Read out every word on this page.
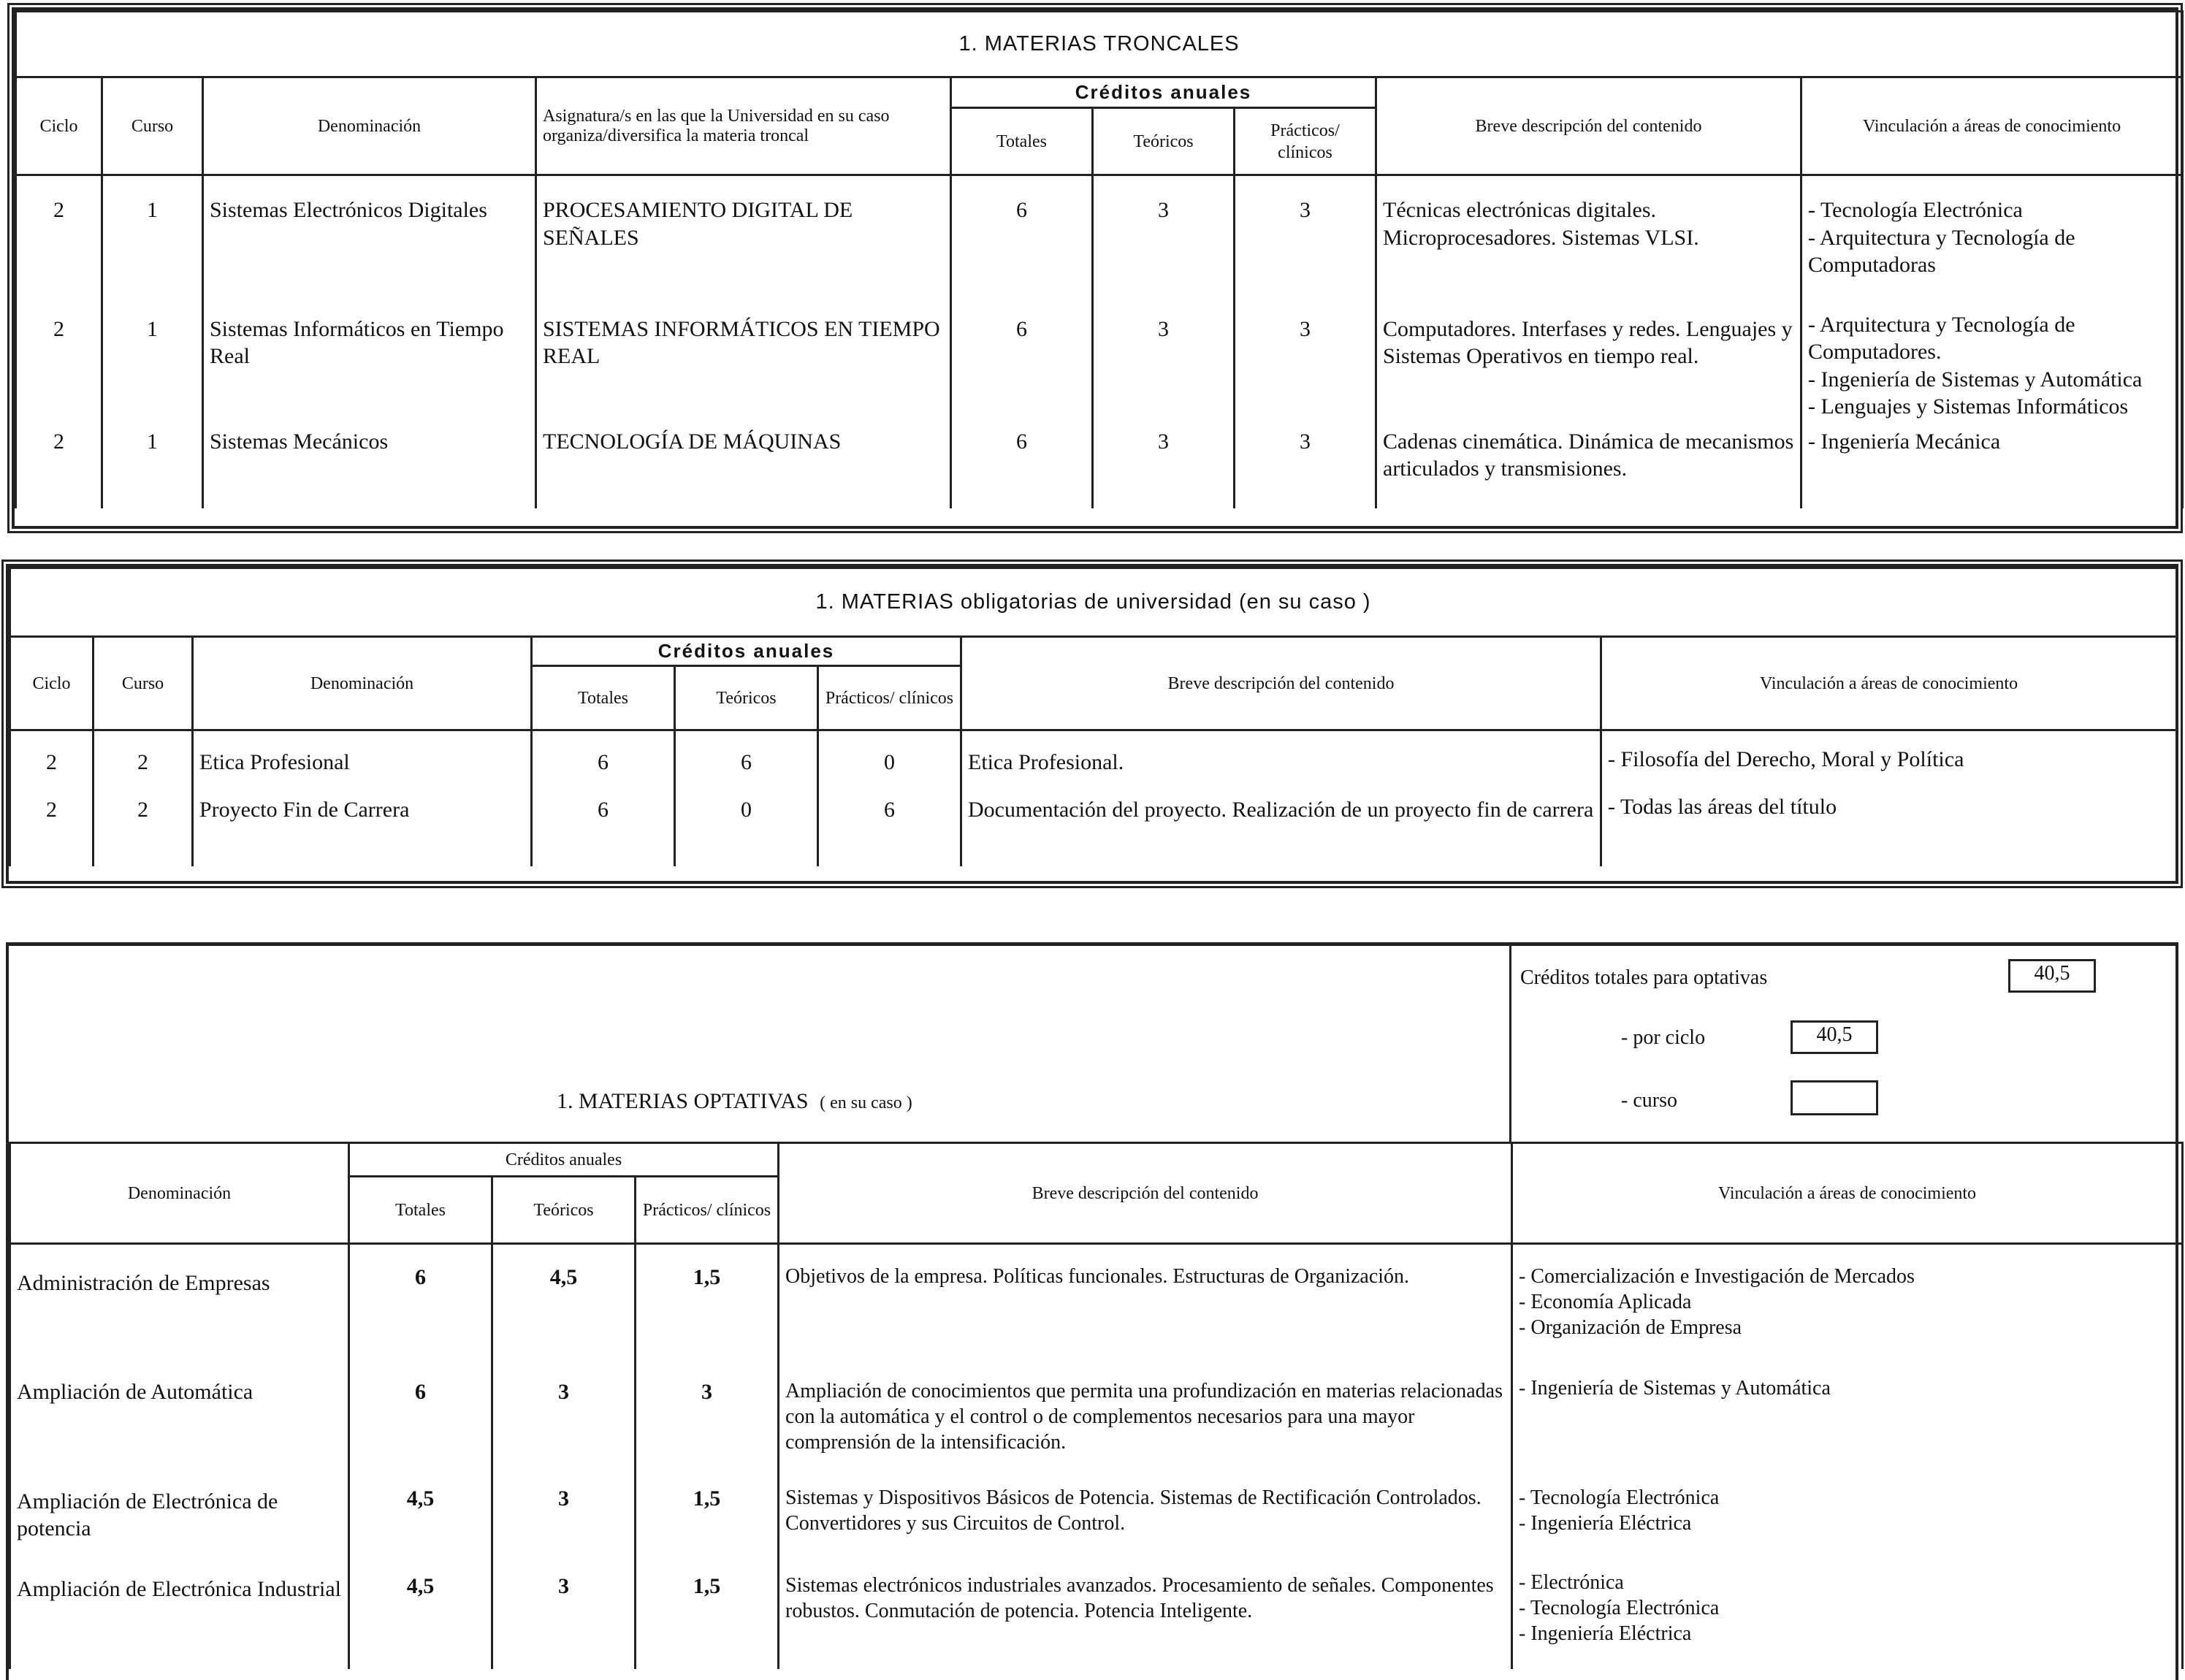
1. MATERIAS TRONCALES								
Ciclo	Curso	Denominación	Asignatura/s en las que la Universidad en su caso organiza/diversifica la materia troncal	Créditos anuales			Breve descripción del contenido	Vinculación a áreas de conocimiento
				Totales	Teóricos	Prácticos/ clínicos		
2	1	Sistemas Electrónicos Digitales	PROCESAMIENTO DIGITAL DE SEÑALES	6	3	3	Técnicas electrónicas digitales. Microprocesadores. Sistemas VLSI.	- Tecnología Electrónica
- Arquitectura y Tecnología de Computadoras

2	1	Sistemas Informáticos en Tiempo Real	SISTEMAS INFORMÁTICOS EN TIEMPO REAL	6	3	3	Computadores. Interfases y redes. Lenguajes y Sistemas Operativos en tiempo real.	- Arquitectura y Tecnología de Computadores.
- Ingeniería de Sistemas y Automática
- Lenguajes y Sistemas Informáticos

2	1	Sistemas Mecánicos	TECNOLOGÍA DE MÁQUINAS	6	3	3	Cadenas cinemática. Dinámica de mecanismos articulados y transmisiones.	- Ingeniería Mecánica
1. MATERIAS obligatorias de universidad (en su caso )							
Ciclo	Curso	Denominación	Créditos anuales			Breve descripción del contenido	Vinculación a áreas de conocimiento
			Totales	Teóricos	Prácticos/ clínicos		
2	2	Etica Profesional	6	6	0	Etica Profesional.	- Filosofía del Derecho, Moral y Política
2	2	Proyecto Fin de Carrera	6	0	6	Documentación del proyecto. Realización de un proyecto fin de carrera	- Todas las áreas del título
1. MATERIAS OPTATIVAS ( en su caso )
Créditos totales para optativas	40,5
- por ciclo	40,5
- curso
Denominación	Créditos anuales			Breve descripción del contenido	Vinculación a áreas de conocimiento
	Totales	Teóricos	Prácticos/ clínicos		
Administración de Empresas	6	4,5	1,5	Objetivos de la empresa. Políticas funcionales. Estructuras de Organización.	- Comercialización e Investigación de Mercados
- Economía Aplicada
- Organización de Empresa

Ampliación de Automática	6	3	3	Ampliación de conocimientos que permita una profundización en materias relacionadas con la automática y el control o de complementos necesarios para una mayor comprensión de la intensificación.	- Ingeniería de Sistemas y Automática

Ampliación de Electrónica de potencia	4,5	3	1,5	Sistemas y Dispositivos Básicos de Potencia. Sistemas de Rectificación Controlados. Convertidores y sus Circuitos de Control.	- Tecnología Electrónica
- Ingeniería Eléctrica

Ampliación de Electrónica Industrial	4,5	3	1,5	Sistemas electrónicos industriales avanzados. Procesamiento de señales. Componentes robustos. Conmutación de potencia. Potencia Inteligente.	- Electrónica
- Tecnología Electrónica
- Ingeniería Eléctrica
